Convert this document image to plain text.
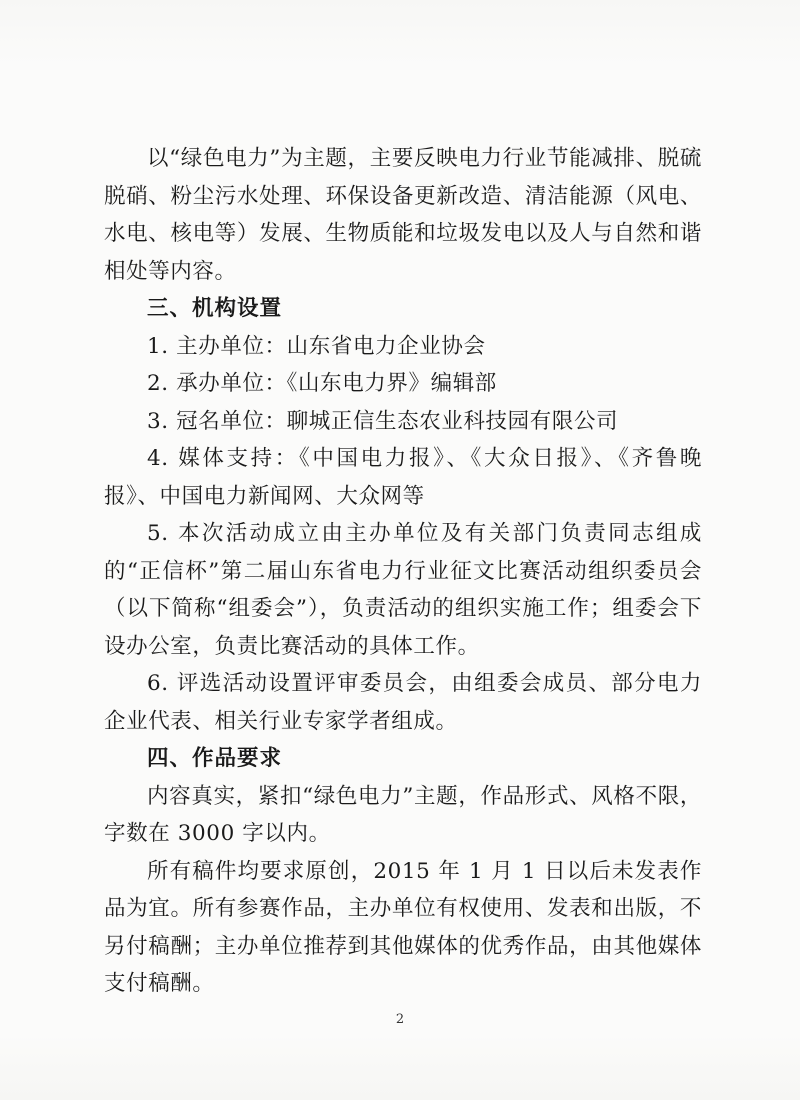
以“绿色电力”为主题，主要反映电力行业节能减排、脱硫脱硝、粉尘污水处理、环保设备更新改造、清洁能源（风电、水电、核电等）发展、生物质能和垃圾发电以及人与自然和谐相处等内容。

三、机构设置

1. 主办单位：山东省电力企业协会

2. 承办单位：《山东电力界》编辑部

3. 冠名单位：聊城正信生态农业科技园有限公司

4. 媒体支持：《中国电力报》、《大众日报》、《齐鲁晚报》、中国电力新闻网、大众网等

5. 本次活动成立由主办单位及有关部门负责同志组成的“正信杯”第二届山东省电力行业征文比赛活动组织委员会（以下简称“组委会”），负责活动的组织实施工作；组委会下设办公室，负责比赛活动的具体工作。

6. 评选活动设置评审委员会，由组委会成员、部分电力企业代表、相关行业专家学者组成。

四、作品要求

内容真实，紧扣“绿色电力”主题，作品形式、风格不限，字数在 3000 字以内。

所有稿件均要求原创，2015 年 1 月 1 日以后未发表作品为宜。所有参赛作品，主办单位有权使用、发表和出版，不另付稿酬；主办单位推荐到其他媒体的优秀作品，由其他媒体支付稿酬。

2
